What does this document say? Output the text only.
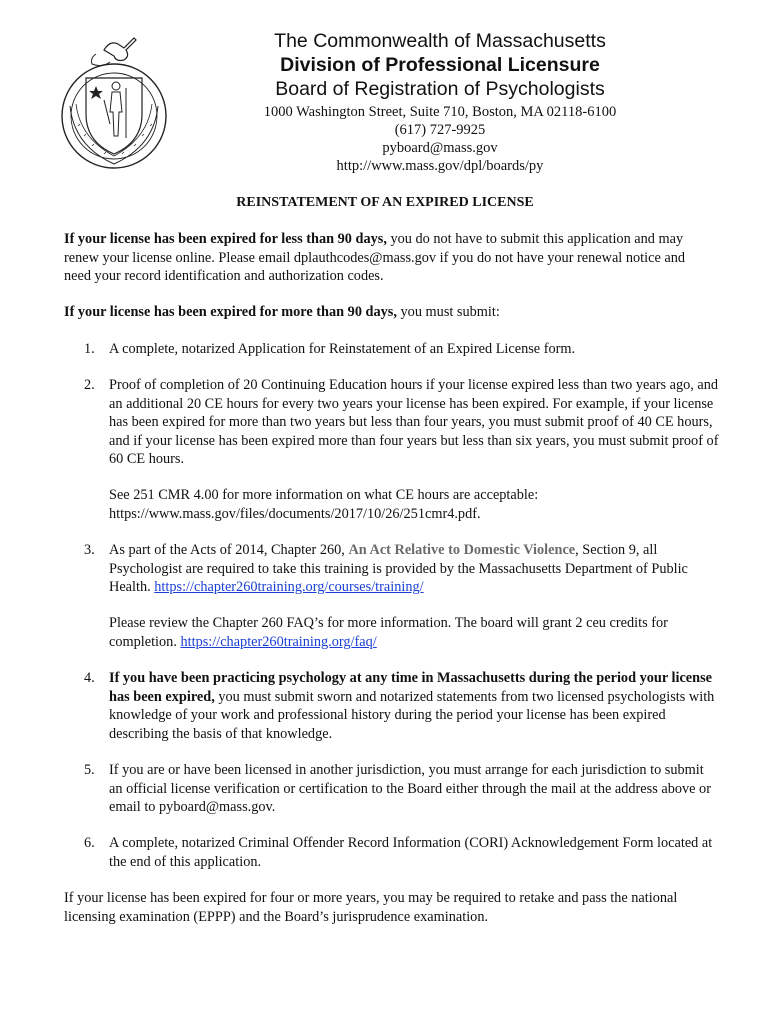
The Commonwealth of Massachusetts
Division of Professional Licensure
Board of Registration of Psychologists
1000 Washington Street, Suite 710, Boston, MA 02118-6100
(617) 727-9925
pyboard@mass.gov
http://www.mass.gov/dpl/boards/py
REINSTATEMENT OF AN EXPIRED LICENSE
If your license has been expired for less than 90 days, you do not have to submit this application and may renew your license online. Please email dplauthcodes@mass.gov if you do not have your renewal notice and need your record identification and authorization codes.
If your license has been expired for more than 90 days, you must submit:
1. A complete, notarized Application for Reinstatement of an Expired License form.
2. Proof of completion of 20 Continuing Education hours if your license expired less than two years ago, and an additional 20 CE hours for every two years your license has been expired. For example, if your license has been expired for more than two years but less than four years, you must submit proof of 40 CE hours, and if your license has been expired more than four years but less than six years, you must submit proof of 60 CE hours.
See 251 CMR 4.00 for more information on what CE hours are acceptable: https://www.mass.gov/files/documents/2017/10/26/251cmr4.pdf.
3. As part of the Acts of 2014, Chapter 260, An Act Relative to Domestic Violence, Section 9, all Psychologist are required to take this training is provided by the Massachusetts Department of Public Health. https://chapter260training.org/courses/training/
Please review the Chapter 260 FAQ’s for more information. The board will grant 2 ceu credits for completion. https://chapter260training.org/faq/
4. If you have been practicing psychology at any time in Massachusetts during the period your license has been expired, you must submit sworn and notarized statements from two licensed psychologists with knowledge of your work and professional history during the period your license has been expired describing the basis of that knowledge.
5. If you are or have been licensed in another jurisdiction, you must arrange for each jurisdiction to submit an official license verification or certification to the Board either through the mail at the address above or email to pyboard@mass.gov.
6. A complete, notarized Criminal Offender Record Information (CORI) Acknowledgement Form located at the end of this application.
If your license has been expired for four or more years, you may be required to retake and pass the national licensing examination (EPPP) and the Board’s jurisprudence examination.
